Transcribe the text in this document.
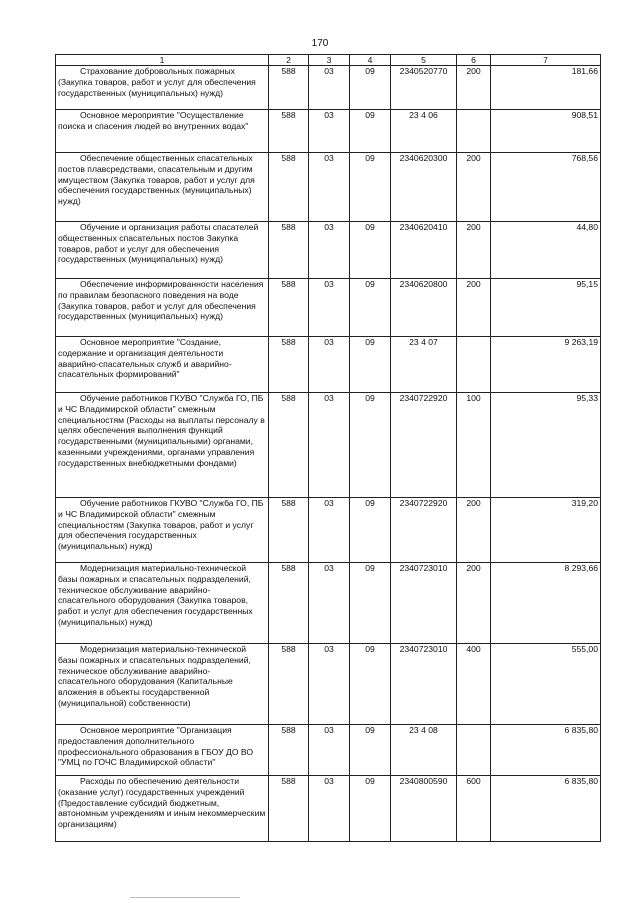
170
1	2	3	4	5	6	7

Страхование добровольных пожарных (Закупка товаров, работ и услуг для обеспечения государственных (муниципальных) нужд)	588	03	09	2340520770	200	181,66

Основное мероприятие "Осуществление поиска и спасения людей во внутренних водах"	588	03	09	23 4 06		908,51

Обеспечение общественных спасательных постов плавсредствами, спасательным и другим имуществом (Закупка товаров, работ и услуг для обеспечения государственных (муниципальных) нужд)	588	03	09	2340620300	200	768,56

Обучение и организация работы спасателей общественных спасательных постов Закупка товаров, работ и услуг для обеспечения государственных (муниципальных) нужд)	588	03	09	2340620410	200	44,80

Обеспечение информированности населения по правилам безопасного поведения на воде (Закупка товаров, работ и услуг для обеспечения государственных (муниципальных) нужд)	588	03	09	2340620800	200	95,15

Основное мероприятие "Создание, содержание и организация деятельности аварийно-спасательных служб и аварийно-спасательных формирований"	588	03	09	23 4 07		9 263,19

Обучение работников ГКУВО "Служба ГО, ПБ и ЧС Владимирской области" смежным специальностям (Расходы на выплаты персоналу в целях обеспечения выполнения функций государственными (муниципальными) органами, казенными учреждениями, органами управления государственных внебюджетными фондами)	588	03	09	2340722920	100	95,33

Обучение работников ГКУВО "Служба ГО, ПБ и ЧС Владимирской области" смежным специальностям (Закупка товаров, работ и услуг для обеспечения государственных (муниципальных) нужд)	588	03	09	2340722920	200	319,20

Модернизация материально-технической базы пожарных и спасательных подразделений, техническое обслуживание аварийно-спасательного оборудования (Закупка товаров, работ и услуг для обеспечения государственных (муниципальных) нужд)	588	03	09	2340723010	200	8 293,66

Модернизация материально-технической базы пожарных и спасательных подразделений, техническое обслуживание аварийно-спасательного оборудования (Капитальные вложения в объекты государственной (муниципальной) собственности)	588	03	09	2340723010	400	555,00

Основное мероприятие "Организация предоставления дополнительного профессионального образования в ГБОУ ДО ВО "УМЦ по ГОЧС Владимирской области"	588	03	09	23 4 08		6 835,80

Расходы по обеспечению деятельности (оказание услуг) государственных учреждений (Предоставление субсидий бюджетным, автономным учреждениям и иным некоммерческим организациям)	588	03	09	2340800590	600	6 835,80
